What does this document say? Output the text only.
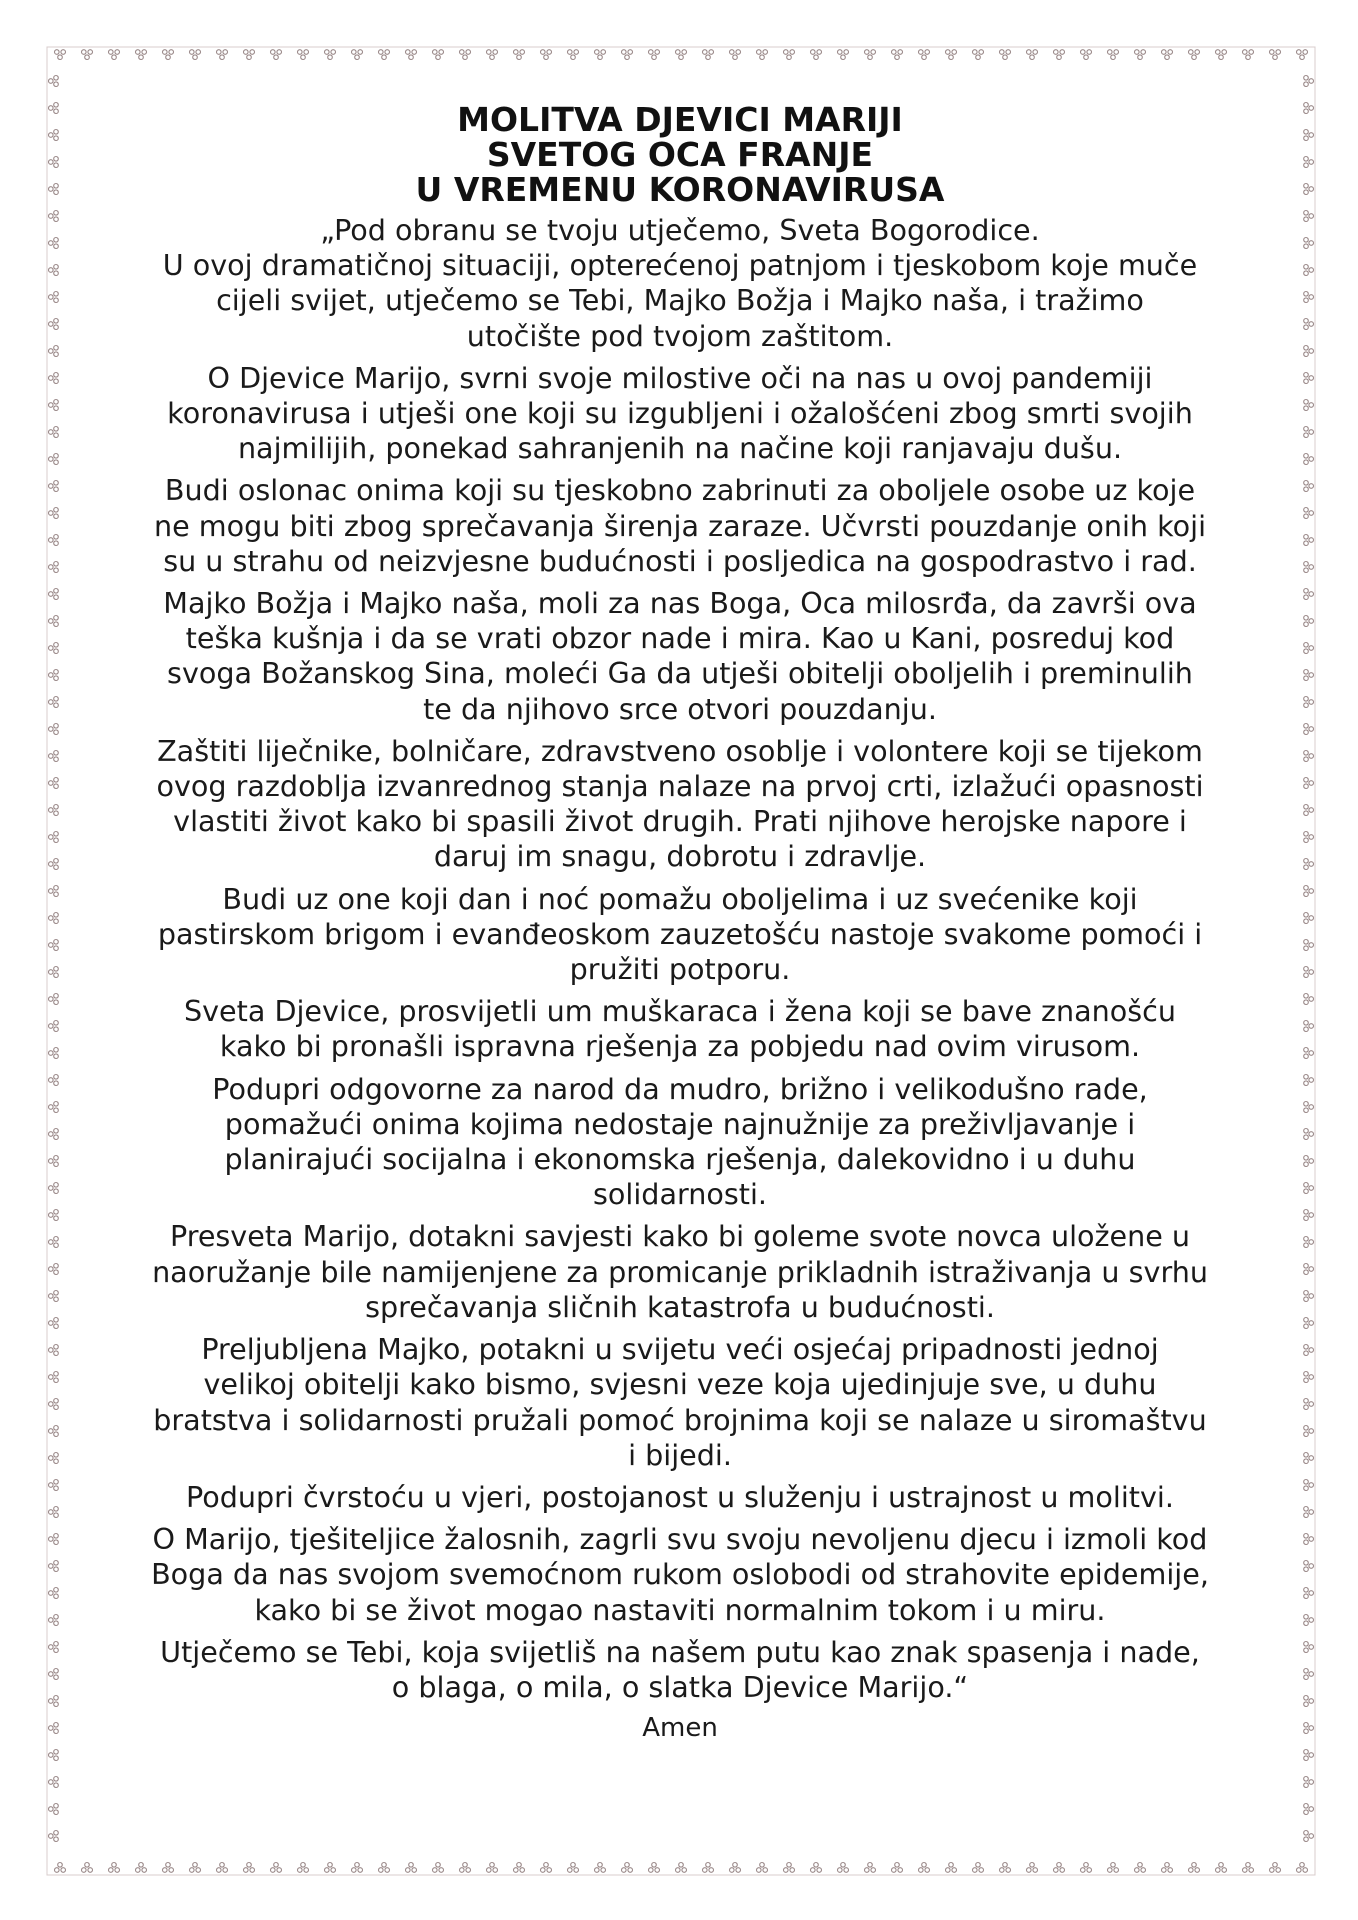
MOLITVA DJEVICI MARIJI
SVETOG OCA FRANJE
U VREMENU KORONAVIRUSA

„Pod obranu se tvoju utječemo, Sveta Bogorodice.
U ovoj dramatičnoj situaciji, opterećenoj patnjom i tjeskobom koje muče
cijeli svijet, utječemo se Tebi, Majko Božja i Majko naša, i tražimo
utočište pod tvojom zaštitom.

O Djevice Marijo, svrni svoje milostive oči na nas u ovoj pandemiji
koronavirusa i utješi one koji su izgubljeni i ožalošćeni zbog smrti svojih
najmilijih, ponekad sahranjenih na načine koji ranjavaju dušu.

Budi oslonac onima koji su tjeskobno zabrinuti za oboljele osobe uz koje
ne mogu biti zbog sprečavanja širenja zaraze. Učvrsti pouzdanje onih koji
su u strahu od neizvjesne budućnosti i posljedica na gospodrastvo i rad.

Majko Božja i Majko naša, moli za nas Boga, Oca milosrđa, da završi ova
teška kušnja i da se vrati obzor nade i mira. Kao u Kani, posreduj kod
svoga Božanskog Sina, moleći Ga da utješi obitelji oboljelih i preminulih
te da njihovo srce otvori pouzdanju.

Zaštiti liječnike, bolničare, zdravstveno osoblje i volontere koji se tijekom
ovog razdoblja izvanrednog stanja nalaze na prvoj crti, izlažući opasnosti
vlastiti život kako bi spasili život drugih. Prati njihove herojske napore i
daruj im snagu, dobrotu i zdravlje.

Budi uz one koji dan i noć pomažu oboljelima i uz svećenike koji
pastirskom brigom i evanđeoskom zauzetošću nastoje svakome pomoći i
pružiti potporu.

Sveta Djevice, prosvijetli um muškaraca i žena koji se bave znanošću
kako bi pronašli ispravna rješenja za pobjedu nad ovim virusom.

Podupri odgovorne za narod da mudro, brižno i velikodušno rade,
pomažući onima kojima nedostaje najnužnije za preživljavanje i
planirajući socijalna i ekonomska rješenja, dalekovidno i u duhu
solidarnosti.

Presveta Marijo, dotakni savjesti kako bi goleme svote novca uložene u
naoružanje bile namijenjene za promicanje prikladnih istraživanja u svrhu
sprečavanja sličnih katastrofa u budućnosti.

Preljubljena Majko, potakni u svijetu veći osjećaj pripadnosti jednoj
velikoj obitelji kako bismo, svjesni veze koja ujedinjuje sve, u duhu
bratstva i solidarnosti pružali pomoć brojnima koji se nalaze u siromaštvu
i bijedi.

Podupri čvrstoću u vjeri, postojanost u služenju i ustrajnost u molitvi.

O Marijo, tješiteljice žalosnih, zagrli svu svoju nevoljenu djecu i izmoli kod
Boga da nas svojom svemoćnom rukom oslobodi od strahovite epidemije,
kako bi se život mogao nastaviti normalnim tokom i u miru.

Utječemo se Tebi, koja svijetliš na našem putu kao znak spasenja i nade,
o blaga, o mila, o slatka Djevice Marijo.“

Amen
